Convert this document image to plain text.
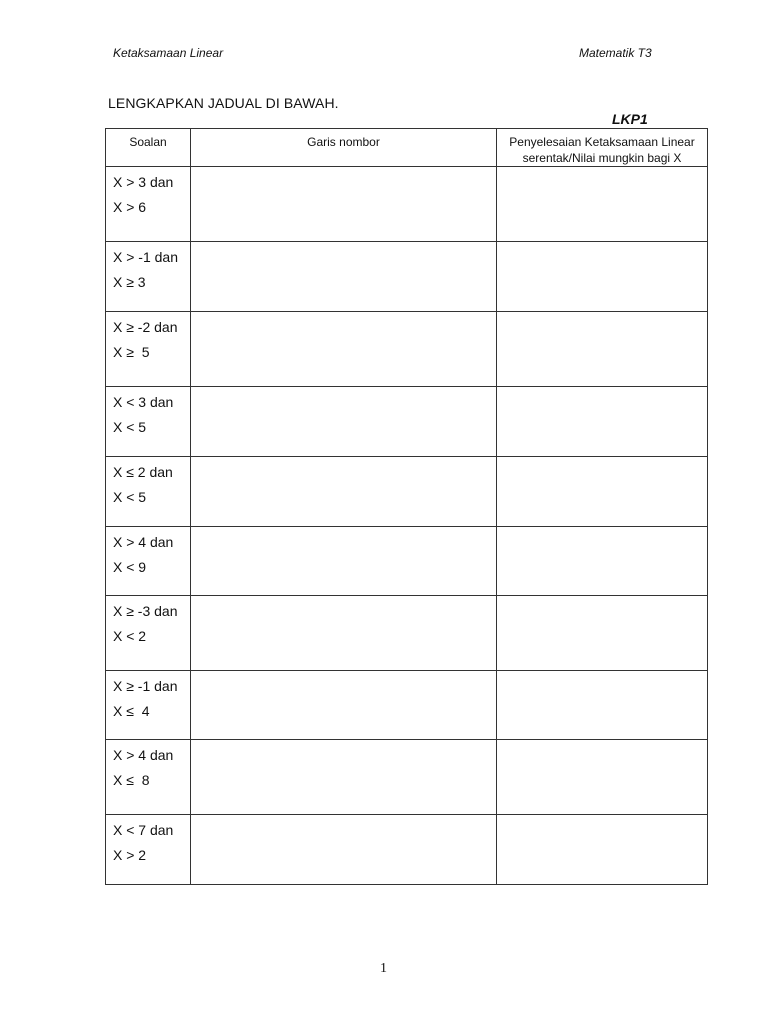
Ketaksamaan Linear	Matematik T3
LENGKAPKAN JADUAL DI BAWAH.
LKP1
Soalan	Garis nombor	Penyelesaian Ketaksamaan Linear
serentak/Nilai mungkin bagi X

X > 3 dan
X > 6		

X > -1 dan
X ≥ 3		

X ≥ -2 dan
X ≥  5		

X < 3 dan
X < 5		

X ≤ 2 dan
X < 5		

X > 4 dan
X < 9		

X ≥ -3 dan
X < 2		

X ≥ -1 dan
X ≤  4		

X > 4 dan
X ≤  8		

X < 7 dan
X > 2		

1
